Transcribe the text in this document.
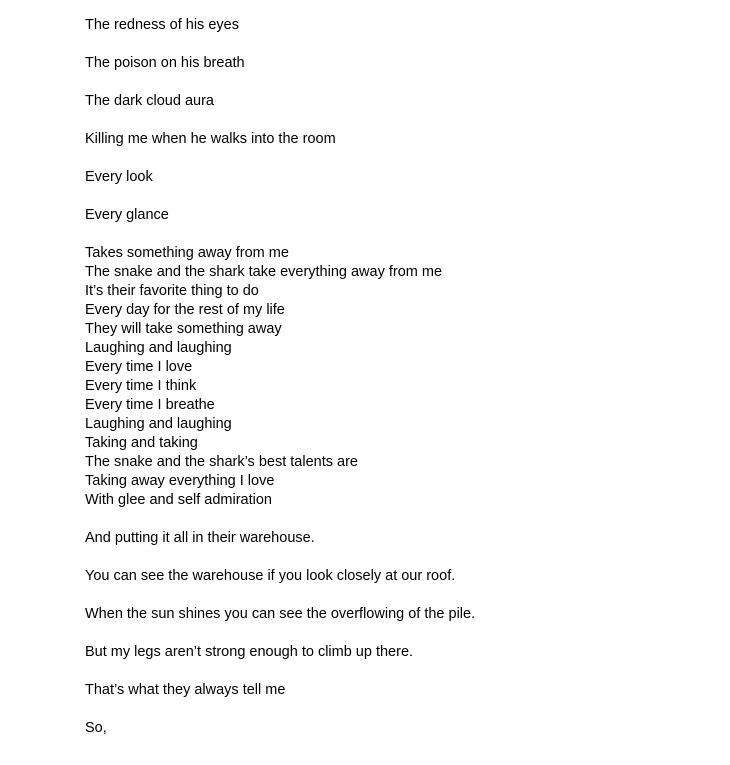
The redness of his eyes
The poison on his breath
The dark cloud aura
Killing me when he walks into the room
Every look
Every glance
Takes something away from me
The snake and the shark take everything away from me
It’s their favorite thing to do
Every day for the rest of my life
They will take something away
Laughing and laughing
Every time I love
Every time I think
Every time I breathe
Laughing and laughing
Taking and taking
The snake and the shark’s best talents are
Taking away everything I love
With glee and self admiration
And putting it all in their warehouse.
You can see the warehouse if you look closely at our roof.
When the sun shines you can see the overflowing of the pile.
But my legs aren’t strong enough to climb up there.
That’s what they always tell me
So,
